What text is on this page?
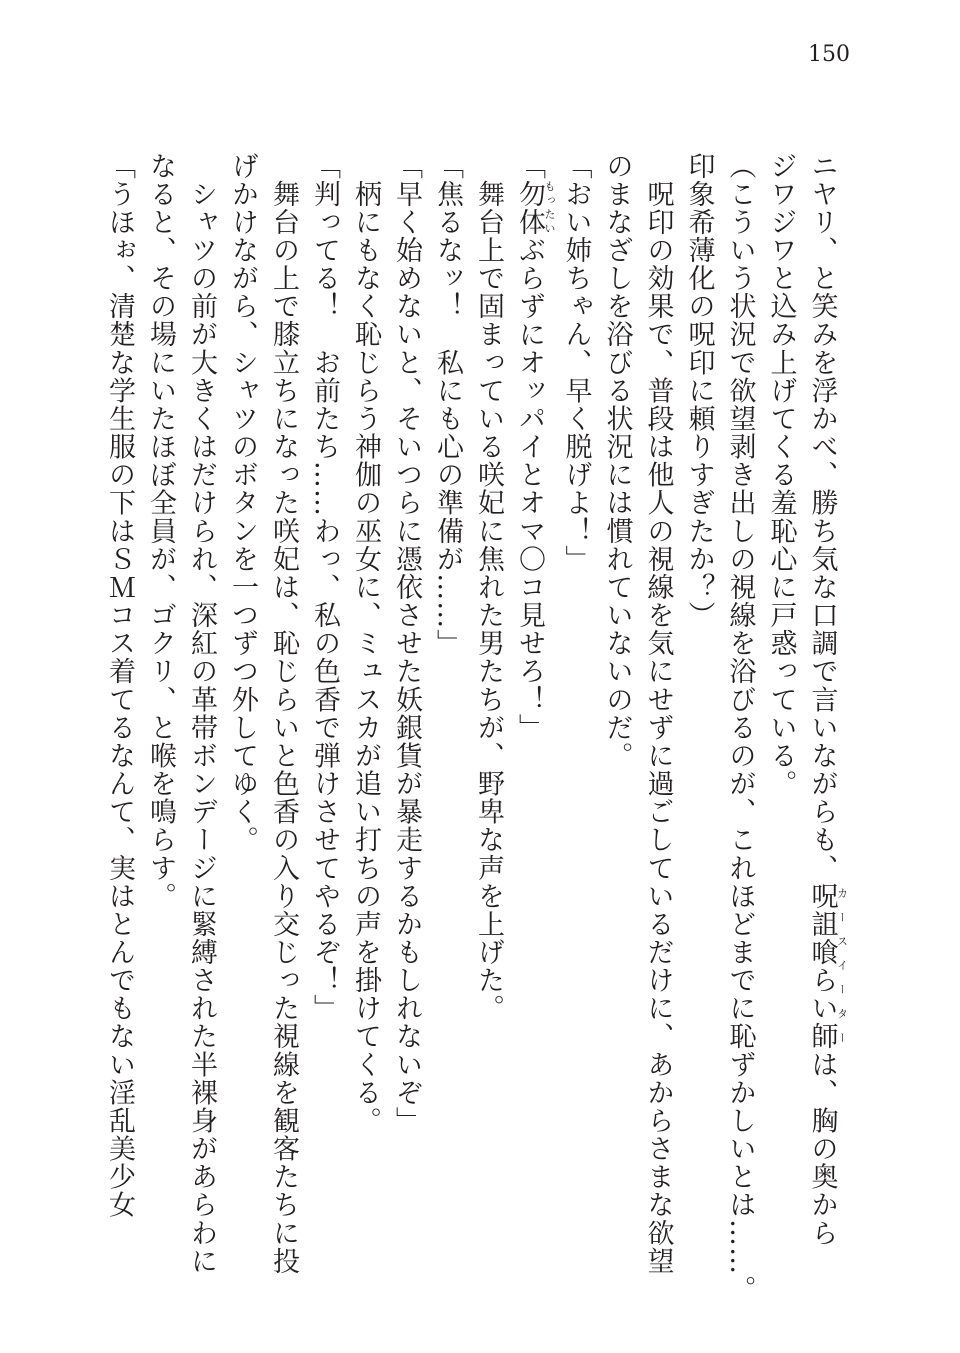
150
ニヤリ、と笑みを浮かべ、勝ち気な口調で言いながらも、呪詛喰らい師カースイーターは、胸の奥から
ジワジワと込み上げてくる羞恥心に戸惑っている。
（こういう状況で欲望剥き出しの視線を浴びるのが、これほどまでに恥ずかしいとは……。
印象希薄化の呪印に頼りすぎたか？）
　呪印の効果で、普段は他人の視線を気にせずに過ごしているだけに、あからさまな欲望
のまなざしを浴びる状況には慣れていないのだ。
「おい姉ちゃん、早く脱げよ！」
「勿体もったいぶらずにオッパイとオマ〇コ見せろ！」
　舞台上で固まっている咲妃に焦れた男たちが、野卑な声を上げた。
「焦るなッ！　私にも心の準備が……」
「早く始めないと、そいつらに憑依させた妖銀貨が暴走するかもしれないぞ」
　柄にもなく恥じらう神伽の巫女に、ミュスカが追い打ちの声を掛けてくる。
「判ってる！　お前たち……わっ、私の色香で弾けさせてやるぞ！」
　舞台の上で膝立ちになった咲妃は、恥じらいと色香の入り交じった視線を観客たちに投
げかけながら、シャツのボタンを一つずつ外してゆく。
　シャツの前が大きくはだけられ、深紅の革帯ボンデージに緊縛された半裸身があらわに
なると、その場にいたほぼ全員が、ゴクリ、と喉を鳴らす。
「うほぉ、清楚な学生服の下はＳＭコス着てるなんて、実はとんでもない淫乱美少女
